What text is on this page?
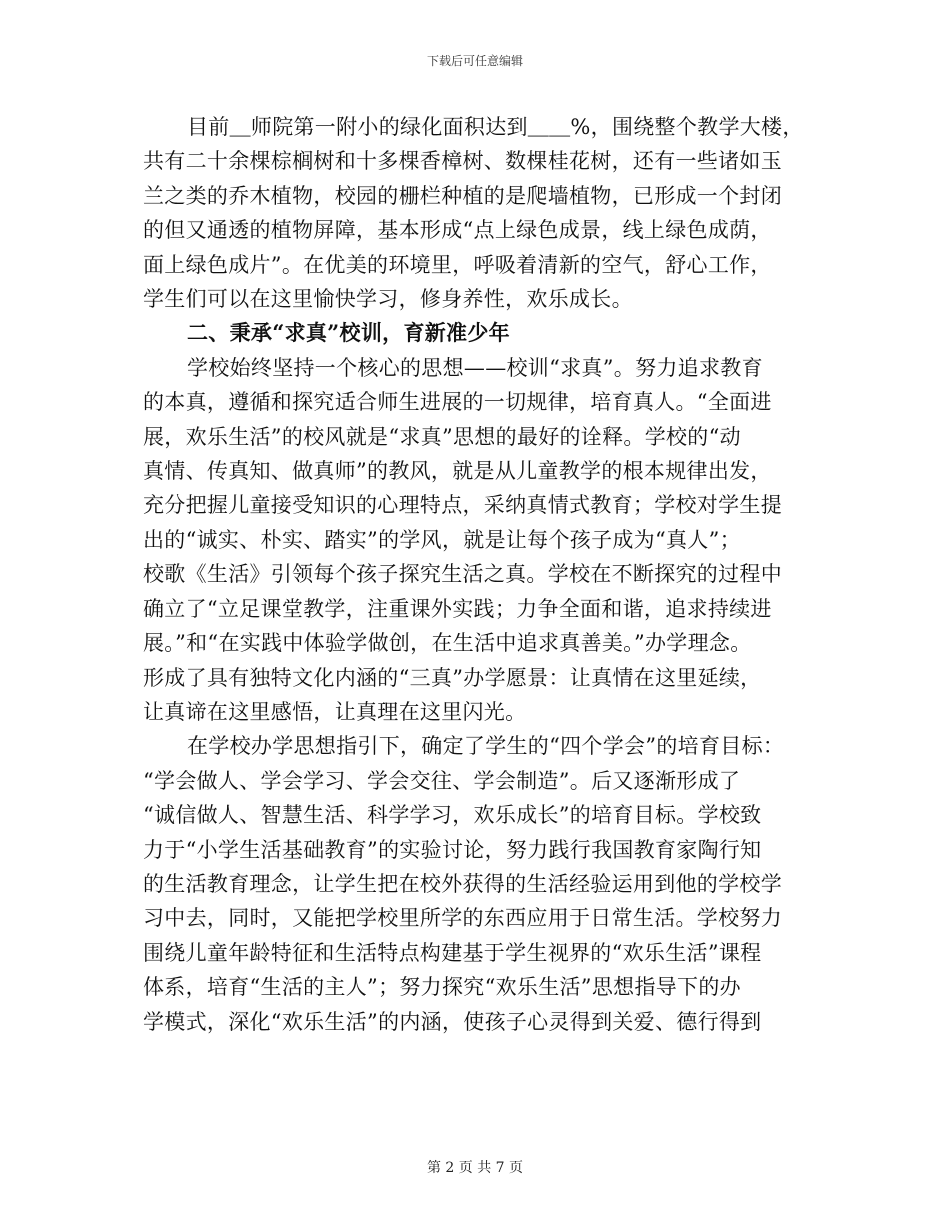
下载后可任意编辑
目前＿师院第一附小的绿化面积达到＿＿%，围绕整个教学大楼，
共有二十余棵棕榈树和十多棵香樟树、数棵桂花树，还有一些诸如玉
兰之类的乔木植物，校园的栅栏种植的是爬墙植物，已形成一个封闭
的但又通透的植物屏障，基本形成“点上绿色成景，线上绿色成荫，
面上绿色成片”。在优美的环境里，呼吸着清新的空气，舒心工作，
学生们可以在这里愉快学习，修身养性，欢乐成长。
二、秉承“求真”校训，育新准少年
学校始终坚持一个核心的思想——校训“求真”。努力追求教育
的本真，遵循和探究适合师生进展的一切规律，培育真人。“全面进
展，欢乐生活”的校风就是“求真”思想的最好的诠释。学校的“动
真情、传真知、做真师”的教风，就是从儿童教学的根本规律出发，
充分把握儿童接受知识的心理特点，采纳真情式教育；学校对学生提
出的“诚实、朴实、踏实”的学风，就是让每个孩子成为“真人”；
校歌《生活》引领每个孩子探究生活之真。学校在不断探究的过程中
确立了“立足课堂教学，注重课外实践；力争全面和谐，追求持续进
展。”和“在实践中体验学做创，在生活中追求真善美。”办学理念。
形成了具有独特文化内涵的“三真”办学愿景：让真情在这里延续，
让真谛在这里感悟，让真理在这里闪光。
在学校办学思想指引下，确定了学生的“四个学会”的培育目标：
“学会做人、学会学习、学会交往、学会制造”。后又逐渐形成了
“诚信做人、智慧生活、科学学习，欢乐成长”的培育目标。学校致
力于“小学生活基础教育”的实验讨论，努力践行我国教育家陶行知
的生活教育理念，让学生把在校外获得的生活经验运用到他的学校学
习中去，同时，又能把学校里所学的东西应用于日常生活。学校努力
围绕儿童年龄特征和生活特点构建基于学生视界的“欢乐生活”课程
体系，培育“生活的主人”；努力探究“欢乐生活”思想指导下的办
学模式，深化“欢乐生活”的内涵，使孩子心灵得到关爱、德行得到
第 2 页 共 7 页
